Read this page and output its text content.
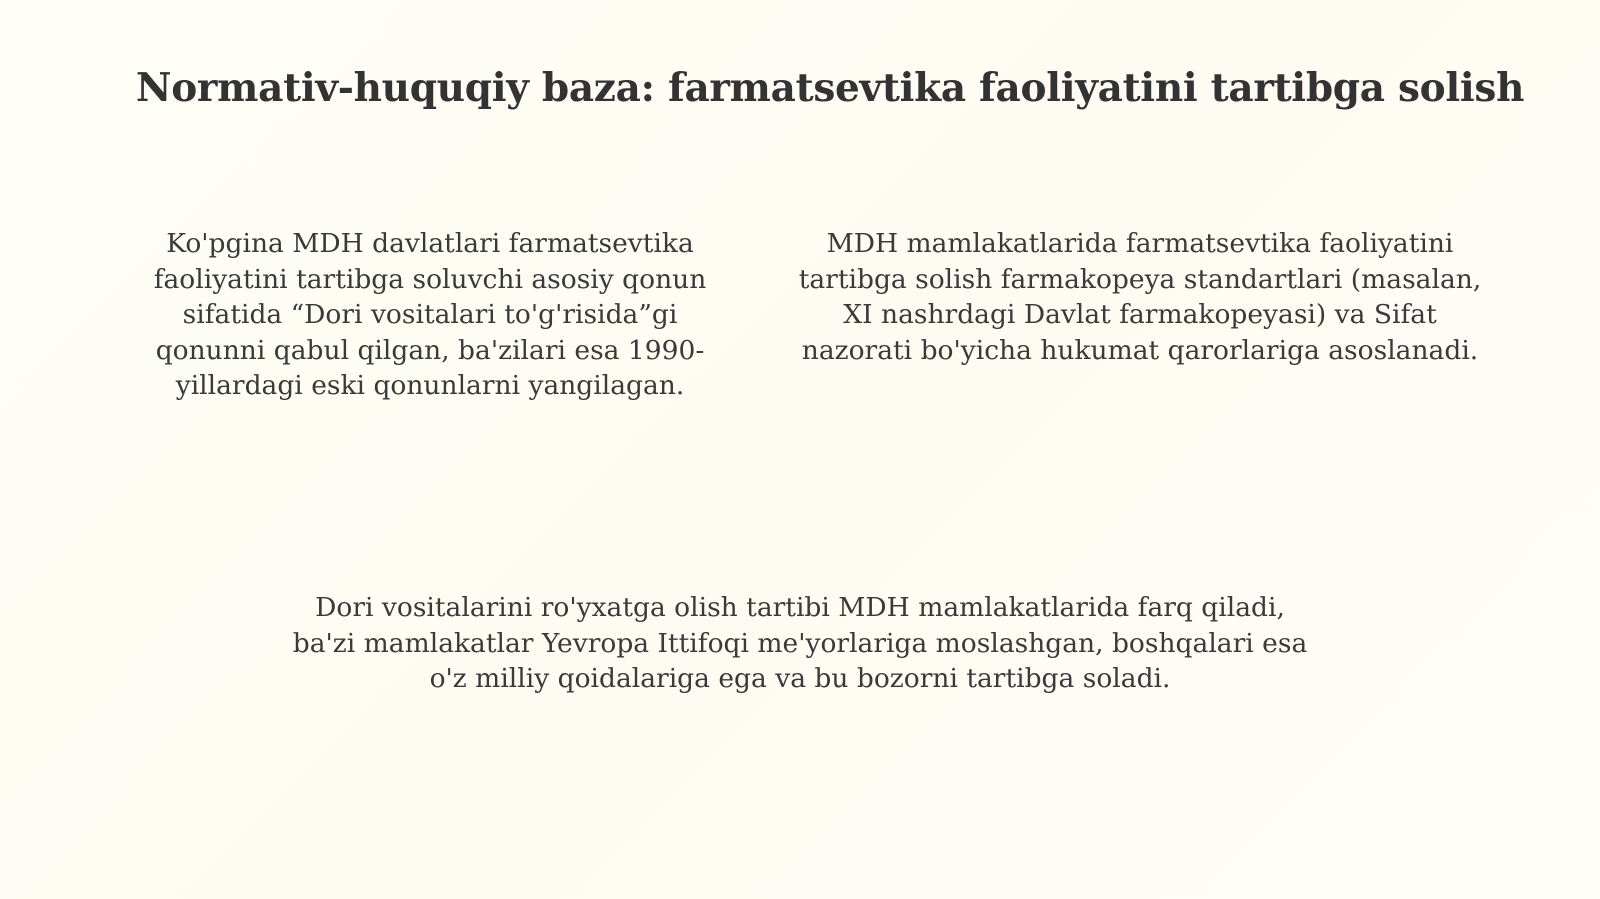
Normativ-huquqiy baza: farmatsevtika faoliyatini tartibga solish

Ko'pgina MDH davlatlari farmatsevtika faoliyatini tartibga soluvchi asosiy qonun sifatida “Dori vositalari to'g'risida”gi qonunni qabul qilgan, ba'zilari esa 1990-yillardagi eski qonunlarni yangilagan.

MDH mamlakatlarida farmatsevtika faoliyatini tartibga solish farmakopeya standartlari (masalan, XI nashrdagi Davlat farmakopeyasi) va Sifat nazorati bo'yicha hukumat qarorlariga asoslanadi.

Dori vositalarini ro'yxatga olish tartibi MDH mamlakatlarida farq qiladi, ba'zi mamlakatlar Yevropa Ittifoqi me'yorlariga moslashgan, boshqalari esa o'z milliy qoidalariga ega va bu bozorni tartibga soladi.
